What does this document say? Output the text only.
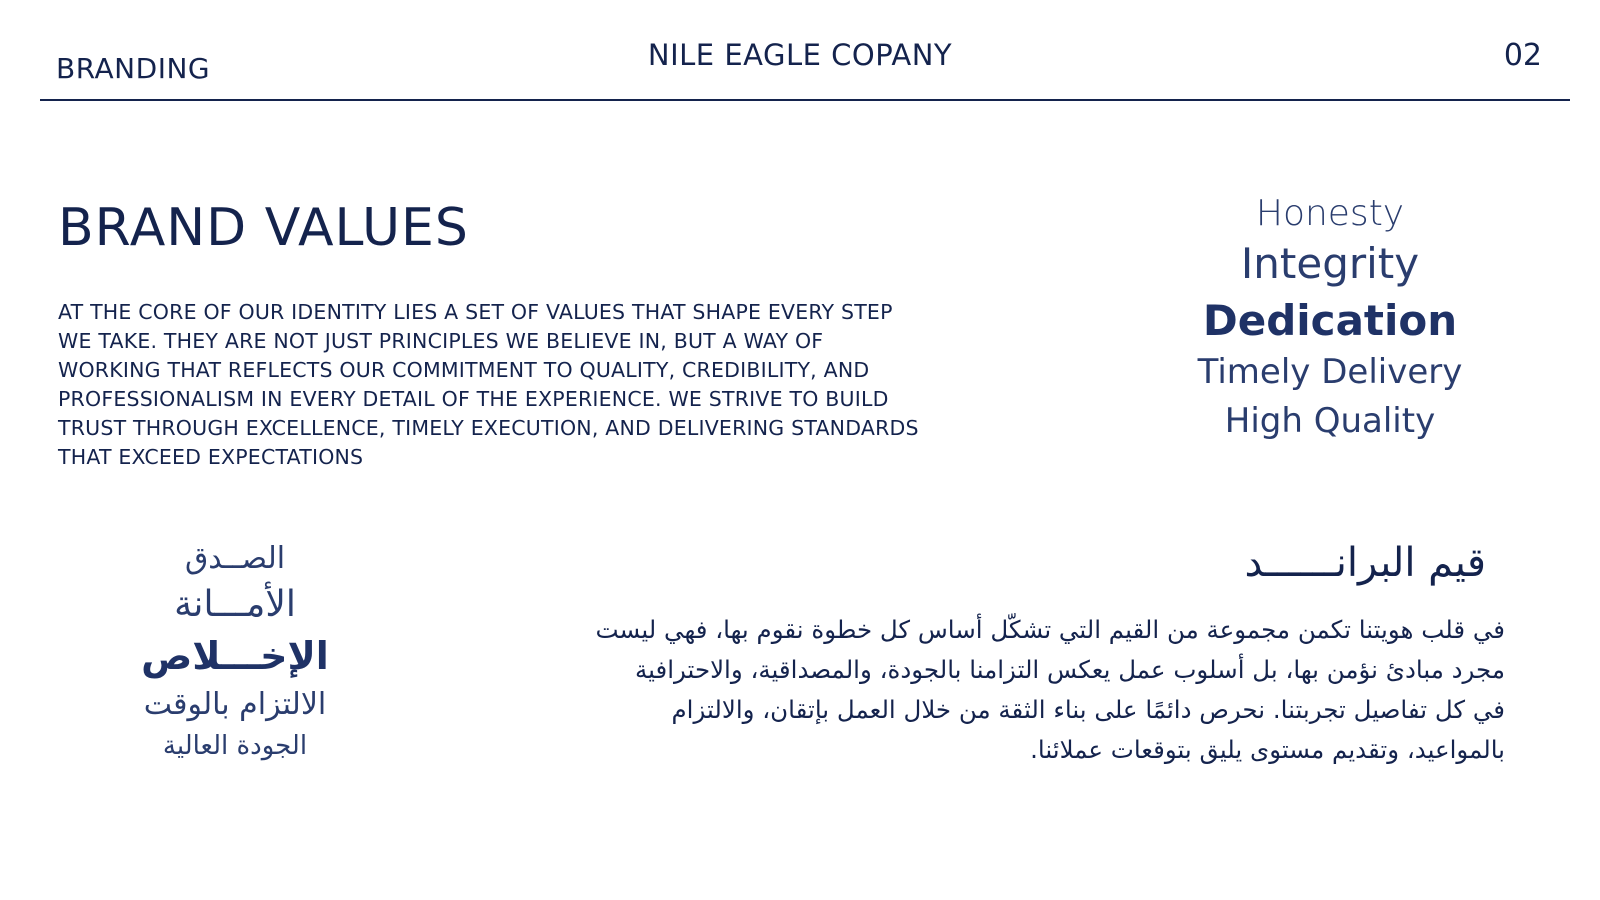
BRANDING	NILE EAGLE COPANY	02
BRAND VALUES
AT THE CORE OF OUR IDENTITY LIES A SET OF VALUES THAT SHAPE EVERY STEP
WE TAKE. THEY ARE NOT JUST PRINCIPLES WE BELIEVE IN, BUT A WAY OF
WORKING THAT REFLECTS OUR COMMITMENT TO QUALITY, CREDIBILITY, AND
PROFESSIONALISM IN EVERY DETAIL OF THE EXPERIENCE. WE STRIVE TO BUILD
TRUST THROUGH EXCELLENCE, TIMELY EXECUTION, AND DELIVERING STANDARDS
THAT EXCEED EXPECTATIONS
Honesty
Integrity
Dedication
Timely Delivery
High Quality
قيم البرانــــــد
في قلب هويتنا تكمن مجموعة من القيم التي تشكّل أساس كل خطوة نقوم بها، فهي ليست
مجرد مبادئ نؤمن بها، بل أسلوب عمل يعكس التزامنا بالجودة، والمصداقية، والاحترافية
في كل تفاصيل تجربتنا. نحرص دائمًا على بناء الثقة من خلال العمل بإتقان، والالتزام
بالمواعيد، وتقديم مستوى يليق بتوقعات عملائنا.
الصــدق
الأمـــانة
الإخـــلاص
الالتزام بالوقت
الجودة العالية
